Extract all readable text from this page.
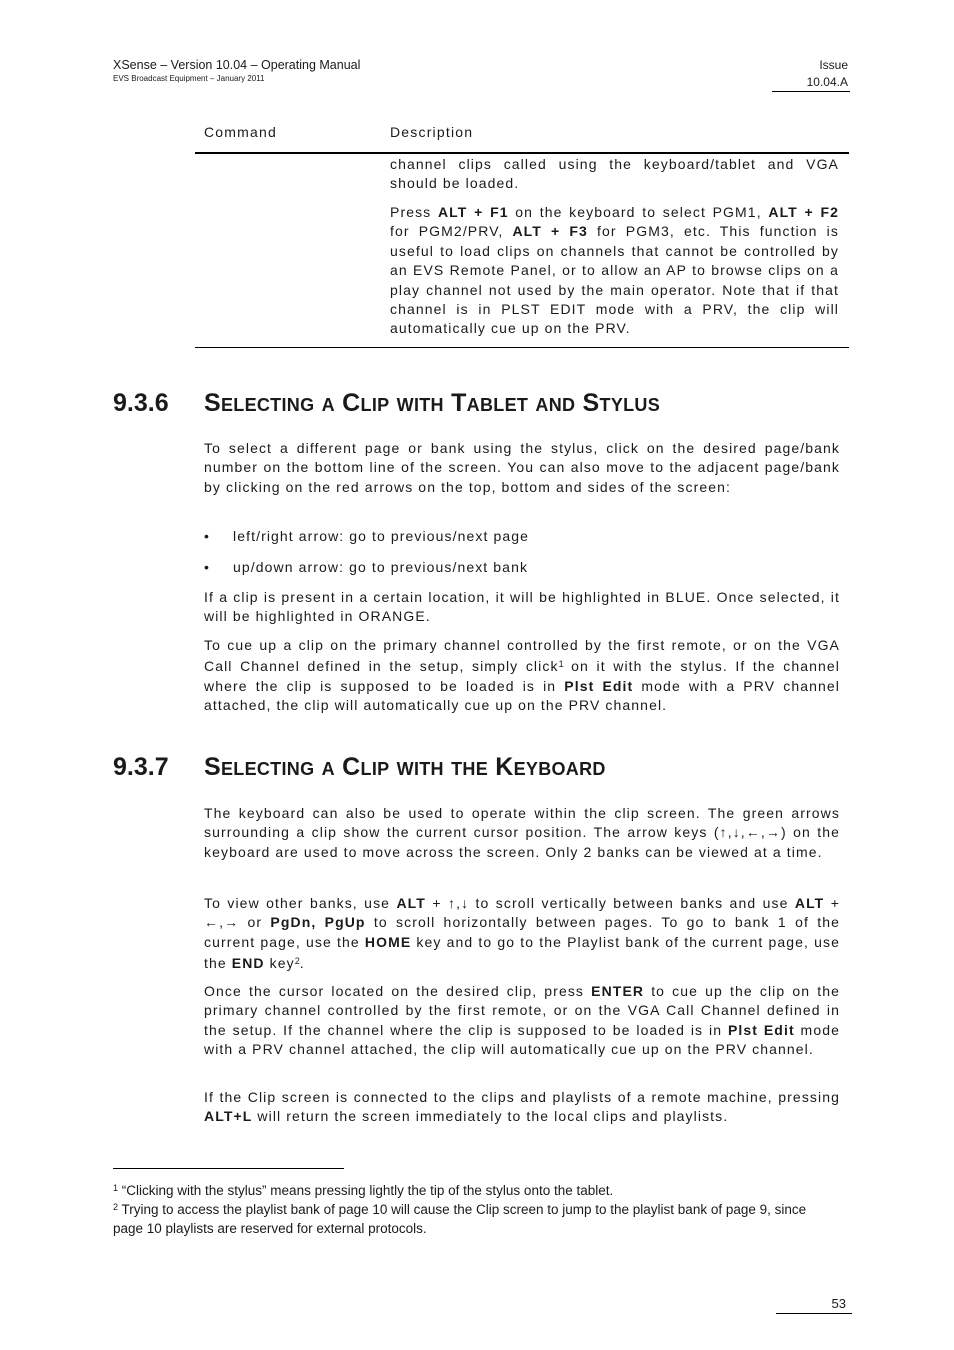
XSense – Version 10.04 – Operating Manual
EVS Broadcast Equipment – January 2011
Issue
10.04.A
Command	Description
channel clips called using the keyboard/tablet and VGA should be loaded.
Press ALT + F1 on the keyboard to select PGM1, ALT + F2 for PGM2/PRV, ALT + F3 for PGM3, etc. This function is useful to load clips on channels that cannot be controlled by an EVS Remote Panel, or to allow an AP to browse clips on a play channel not used by the main operator. Note that if that channel is in PLST EDIT mode with a PRV, the clip will automatically cue up on the PRV.
9.3.6 Selecting a Clip with Tablet and Stylus
To select a different page or bank using the stylus, click on the desired page/bank number on the bottom line of the screen. You can also move to the adjacent page/bank by clicking on the red arrows on the top, bottom and sides of the screen:
• left/right arrow: go to previous/next page
• up/down arrow: go to previous/next bank
If a clip is present in a certain location, it will be highlighted in BLUE. Once selected, it will be highlighted in ORANGE.
To cue up a clip on the primary channel controlled by the first remote, or on the VGA Call Channel defined in the setup, simply click$^1$ on it with the stylus. If the channel where the clip is supposed to be loaded is in Plst Edit mode with a PRV channel attached, the clip will automatically cue up on the PRV channel.
9.3.7 Selecting a Clip with the Keyboard
The keyboard can also be used to operate within the clip screen. The green arrows surrounding a clip show the current cursor position. The arrow keys (↑,↓,←,→) on the keyboard are used to move across the screen. Only 2 banks can be viewed at a time.
To view other banks, use ALT + ↑,↓ to scroll vertically between banks and use ALT + ←,→ or PgDn, PgUp to scroll horizontally between pages. To go to bank 1 of the current page, use the HOME key and to go to the Playlist bank of the current page, use the END key$^2$.
Once the cursor located on the desired clip, press ENTER to cue up the clip on the primary channel controlled by the first remote, or on the VGA Call Channel defined in the setup. If the channel where the clip is supposed to be loaded is in Plst Edit mode with a PRV channel attached, the clip will automatically cue up on the PRV channel.
If the Clip screen is connected to the clips and playlists of a remote machine, pressing ALT+L will return the screen immediately to the local clips and playlists.
$^1$ “Clicking with the stylus” means pressing lightly the tip of the stylus onto the tablet.
$^2$ Trying to access the playlist bank of page 10 will cause the Clip screen to jump to the playlist bank of page 9, since page 10 playlists are reserved for external protocols.
53
